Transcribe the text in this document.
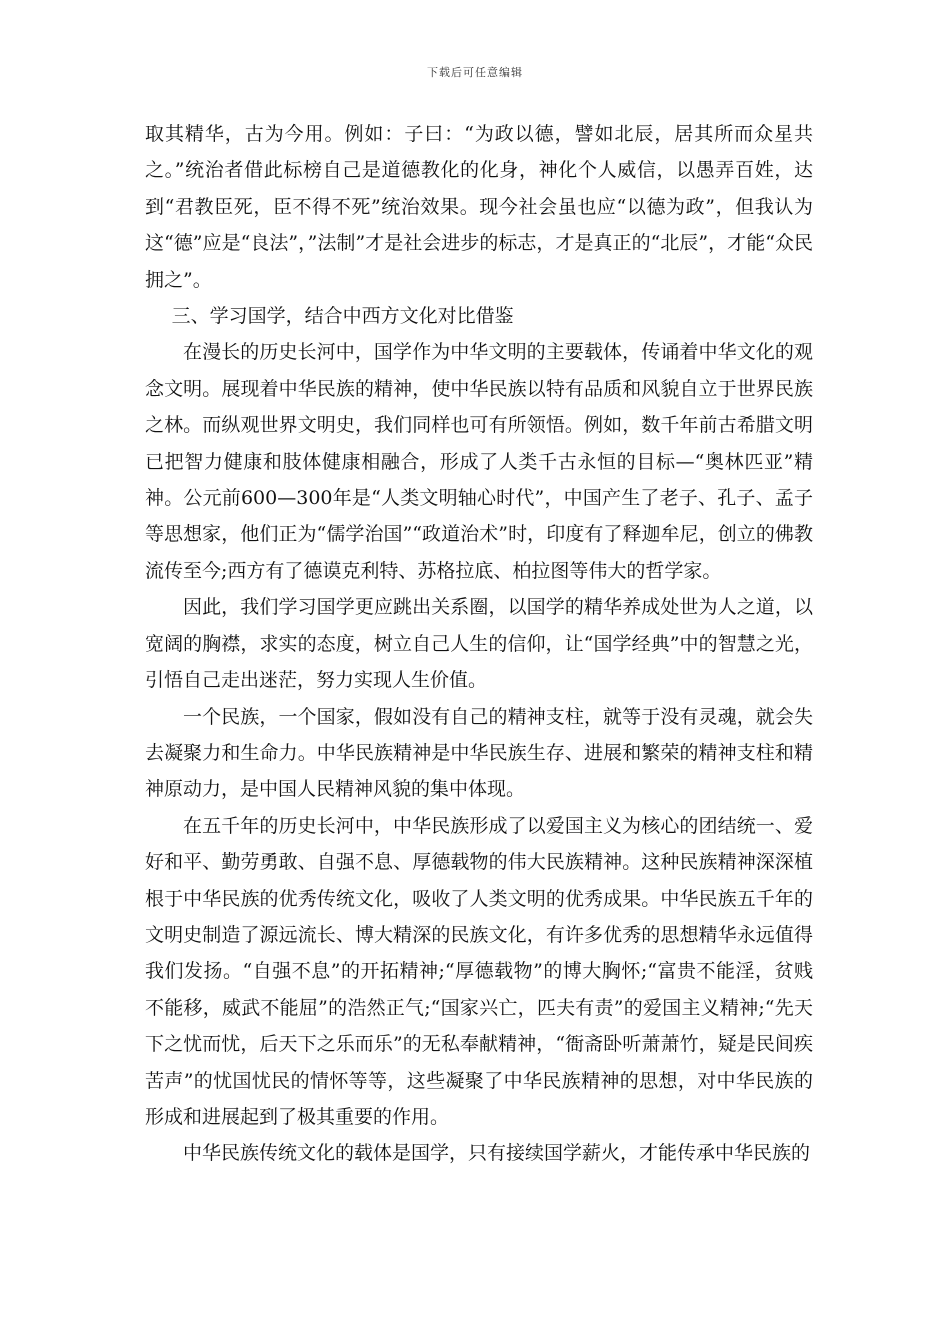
下载后可任意编辑

取其精华，古为今用。例如：子曰：“为政以德，譬如北辰，居其所而众星共之。”统治者借此标榜自己是道德教化的化身，神化个人威信，以愚弄百姓，达到“君教臣死，臣不得不死”统治效果。现今社会虽也应“以德为政”，但我认为这“德”应是“良法”，”法制”才是社会进步的标志，才是真正的“北辰”，才能“众民拥之”。

三、学习国学，结合中西方文化对比借鉴

在漫长的历史长河中，国学作为中华文明的主要载体，传诵着中华文化的观念文明。展现着中华民族的精神，使中华民族以特有品质和风貌自立于世界民族之林。而纵观世界文明史，我们同样也可有所领悟。例如，数千年前古希腊文明已把智力健康和肢体健康相融合，形成了人类千古永恒的目标—“奥林匹亚”精神。公元前600—300年是“人类文明轴心时代”，中国产生了老子、孔子、孟子等思想家，他们正为“儒学治国”“政道治术”时，印度有了释迦牟尼，创立的佛教流传至今;西方有了德谟克利特、苏格拉底、柏拉图等伟大的哲学家。

因此，我们学习国学更应跳出关系圈，以国学的精华养成处世为人之道，以宽阔的胸襟，求实的态度，树立自己人生的信仰，让“国学经典”中的智慧之光，引悟自己走出迷茫，努力实现人生价值。

一个民族，一个国家，假如没有自己的精神支柱，就等于没有灵魂，就会失去凝聚力和生命力。中华民族精神是中华民族生存、进展和繁荣的精神支柱和精神原动力，是中国人民精神风貌的集中体现。

在五千年的历史长河中，中华民族形成了以爱国主义为核心的团结统一、爱好和平、勤劳勇敢、自强不息、厚德载物的伟大民族精神。这种民族精神深深植根于中华民族的优秀传统文化，吸收了人类文明的优秀成果。中华民族五千年的文明史制造了源远流长、博大精深的民族文化，有许多优秀的思想精华永远值得我们发扬。“自强不息”的开拓精神;“厚德载物”的博大胸怀;“富贵不能淫，贫贱不能移，威武不能屈”的浩然正气;“国家兴亡，匹夫有责”的爱国主义精神;“先天下之忧而忧，后天下之乐而乐”的无私奉献精神，“衙斋卧听萧萧竹，疑是民间疾苦声”的忧国忧民的情怀等等，这些凝聚了中华民族精神的思想，对中华民族的形成和进展起到了极其重要的作用。

中华民族传统文化的载体是国学，只有接续国学薪火，才能传承中华民族的
